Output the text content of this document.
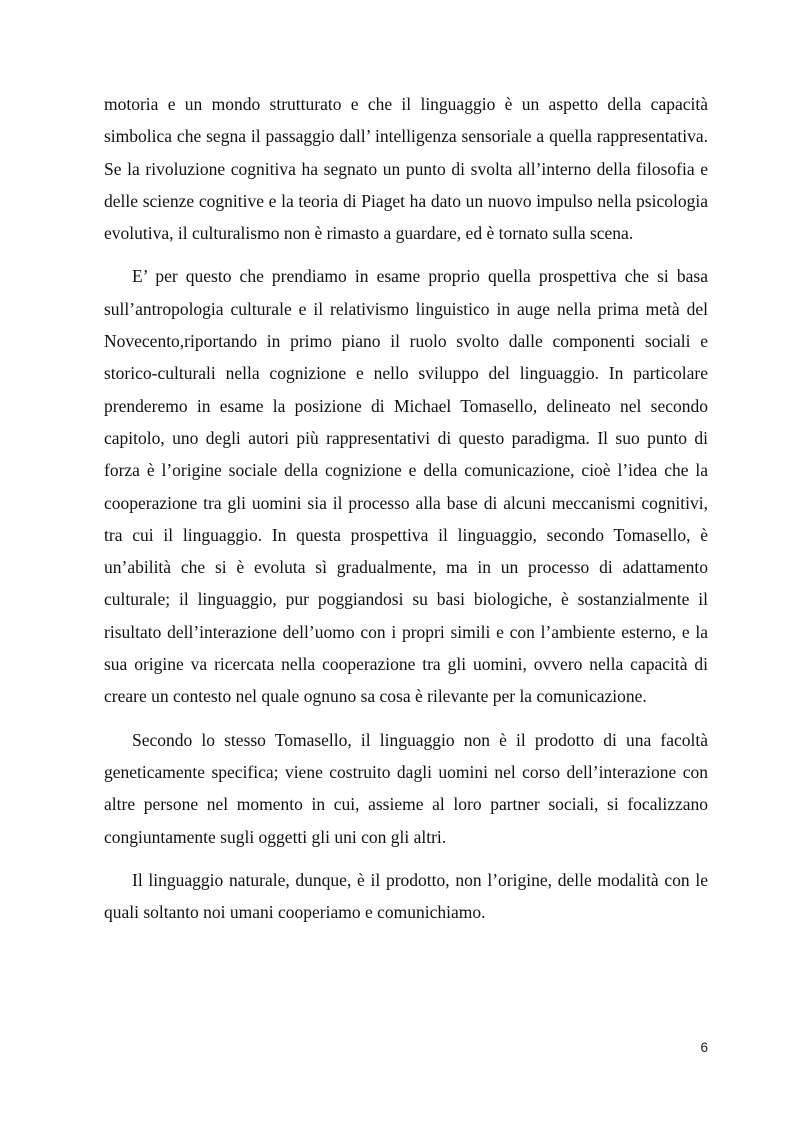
motoria e un mondo strutturato e che il linguaggio è un aspetto della capacità simbolica che segna il passaggio dall’ intelligenza sensoriale a quella rappresentativa. Se la rivoluzione cognitiva ha segnato un punto di svolta all’interno della filosofia e delle scienze cognitive e la teoria di Piaget ha dato un nuovo impulso nella psicologia evolutiva, il culturalismo non è rimasto a guardare, ed è tornato sulla scena.

E’ per questo che prendiamo in esame proprio quella prospettiva che si basa sull’antropologia culturale e il relativismo linguistico in auge nella prima metà del Novecento,riportando in primo piano il ruolo svolto dalle componenti sociali e storico-culturali nella cognizione e nello sviluppo del linguaggio. In particolare prenderemo in esame la posizione di Michael Tomasello, delineato nel secondo capitolo, uno degli autori più rappresentativi di questo paradigma. Il suo punto di forza è l’origine sociale della cognizione e della comunicazione, cioè l’idea che la cooperazione tra gli uomini sia il processo alla base di alcuni meccanismi cognitivi, tra cui il linguaggio. In questa prospettiva il linguaggio, secondo Tomasello, è un’abilità che si è evoluta sì gradualmente, ma in un processo di adattamento culturale; il linguaggio, pur poggiandosi su basi biologiche, è sostanzialmente il risultato dell’interazione dell’uomo con i propri simili e con l’ambiente esterno, e la sua origine va ricercata nella cooperazione tra gli uomini, ovvero nella capacità di creare un contesto nel quale ognuno sa cosa è rilevante per la comunicazione.

Secondo lo stesso Tomasello, il linguaggio non è il prodotto di una facoltà geneticamente specifica; viene costruito dagli uomini nel corso dell’interazione con altre persone nel momento in cui, assieme al loro partner sociali, si focalizzano congiuntamente sugli oggetti gli uni con gli altri.

Il linguaggio naturale, dunque, è il prodotto, non l’origine, delle modalità con le quali soltanto noi umani cooperiamo e comunichiamo.

6
